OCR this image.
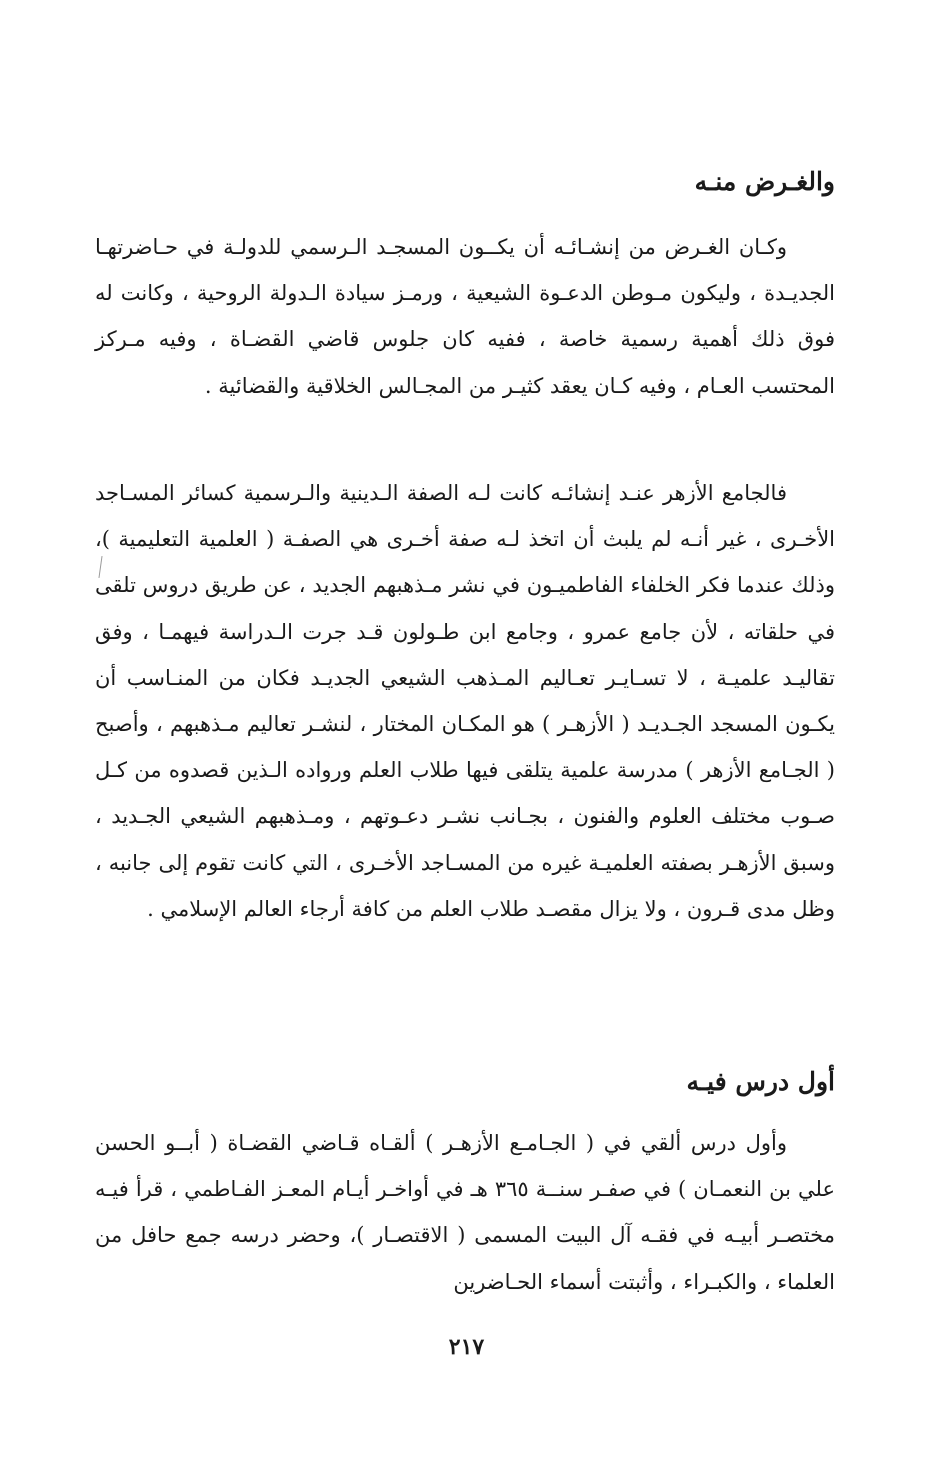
والغـرض منـه

وكـان الغـرض من إنشـائـه أن يكــون المسجـد الـرسمي للدولـة في حـاضرتهـا الجديـدة ، وليكون مـوطن الدعـوة الشيعية ، ورمـز سيادة الـدولة الروحية ، وكانت له فوق ذلك أهمية رسمية خاصة ، ففيه كان جلوس قاضي القضـاة ، وفيه مـركز المحتسب العـام ، وفيه كـان يعقد كثيـر من المجـالس الخلاقية والقضائية .

فالجامع الأزهر عنـد إنشائـه كانت لـه الصفة الـدينية والـرسمية كسائر المسـاجد الأخـرى ، غير أنـه لم يلبث أن اتخذ لـه صفة أخـرى هي الصفـة ( العلمية التعليمية )، وذلك عندما فكر الخلفاء الفاطميـون في نشر مـذهبهم الجديد ، عن طريق دروس تلقى في حلقاته ، لأن جامع عمرو ، وجامع ابن طـولون قـد جرت الـدراسة فيهمـا ، وفق تقاليـد علميـة ، لا تسـايـر تعـاليم المـذهب الشيعي الجديـد فكان من المنـاسب أن يكـون المسجد الجـديـد ( الأزهـر ) هو المكـان المختار ، لنشـر تعاليم مـذهبهم ، وأصبح ( الجـامع الأزهر ) مدرسة علمية يتلقى فيها طلاب العلم ورواده الـذين قصدوه من كـل صـوب مختلف العلوم والفنون ، بجـانب نشـر دعـوتهم ، ومـذهبهم الشيعي الجـديد ، وسبق الأزهـر بصفته العلميـة غيره من المسـاجد الأخـرى ، التي كانت تقوم إلى جانبه ، وظل مدى قـرون ، ولا يزال مقصـد طلاب العلم من كافة أرجاء العالم الإسلامي .

أول درس فيـه

وأول درس ألقي في ( الجـامـع الأزهـر ) ألقـاه قـاضي القضـاة ( أبــو الحسن علي بن النعمـان ) في صفـر سنــة ٣٦٥ هـ في أواخـر أيـام المعـز الفـاطمي ، قرأ فيـه مختصـر أبيـه في فقـه آل البيت المسمى ( الاقتصـار )، وحضر درسه جمع حافل من العلماء ، والكبـراء ، وأثبتت أسماء الحـاضرين

٢١٧
